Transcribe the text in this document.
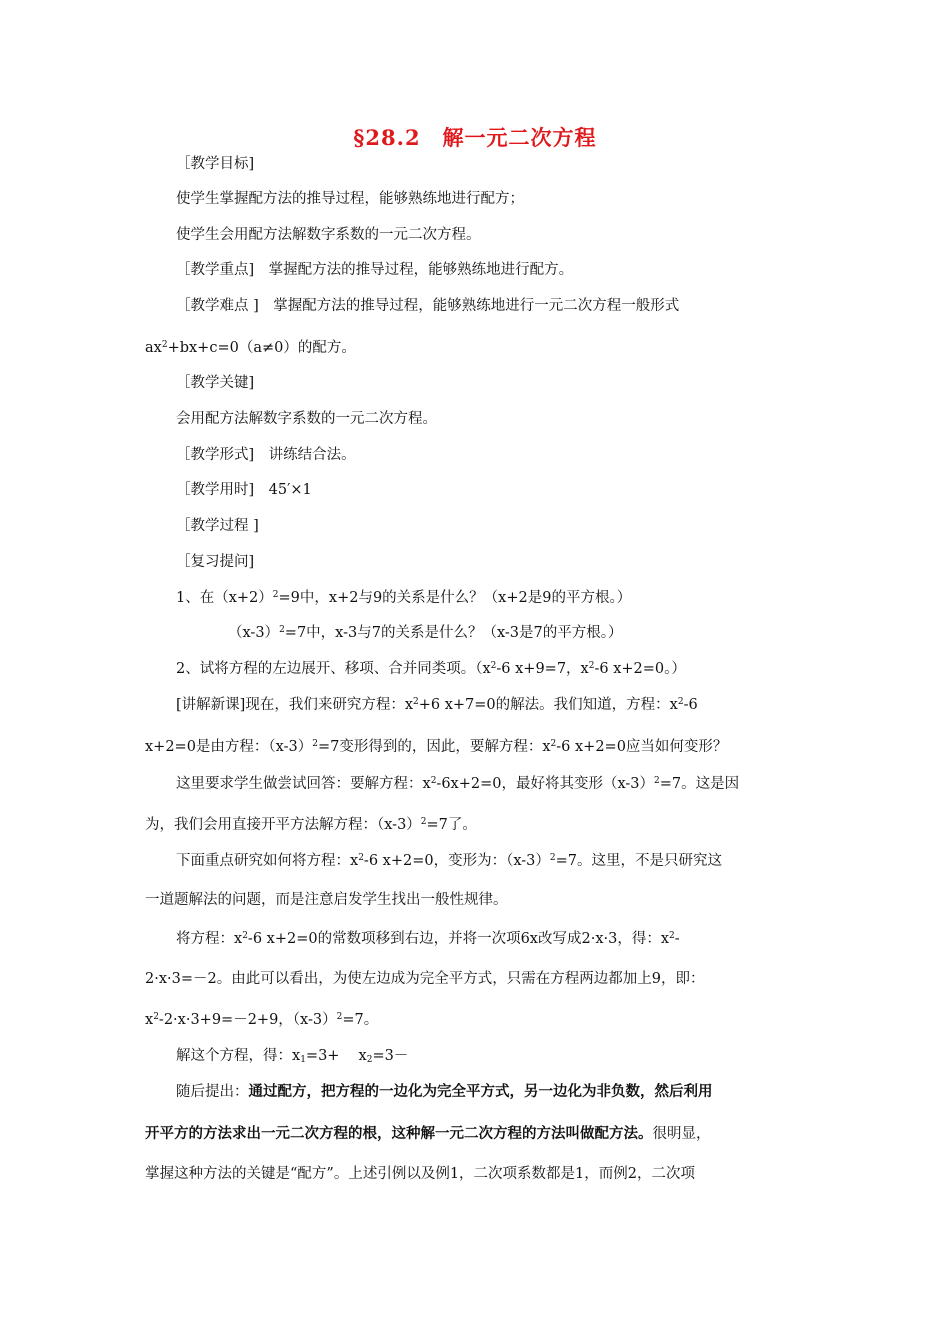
§28.2　解一元二次方程
［教学目标]
使学生掌握配方法的推导过程，能够熟练地进行配方；
使学生会用配方法解数字系数的一元二次方程。
［教学重点]　掌握配方法的推导过程，能够熟练地进行配方。
［教学难点 ]　掌握配方法的推导过程，能够熟练地进行一元二次方程一般形式
$ax^2+bx+c=0(a\ne 0)$的配方。
［教学关键]
会用配方法解数字系数的一元二次方程。
［教学形式]　讲练结合法。
［教学用时]　45′×1
［教学过程 ]
［复习提问]
1、在$(x+2)^2=9$中，x+2与9的关系是什么？（x+2是9的平方根。）
$(x-3)^2=7$中，x-3与7的关系是什么？（x-3是7的平方根。）
2、试将方程的左边展开、移项、合并同类项。（$x^2-6$ x+9=7，$x^2-6$ x+2=0。）
[讲解新课]现在，我们来研究方程：$x^2+6$ x+7=0的解法。我们知道，方程：$x^2-6$
x+2=0是由方程：$(x-3)^2=7$变形得到的，因此，要解方程：$x^2-6$ x+2=0应当如何变形？
这里要求学生做尝试回答：要解方程：$x^2-6x+2=0$，最好将其变形$(x-3)^2=7$。这是因
为，我们会用直接开平方法解方程：$(x-3)^2=7$了。
下面重点研究如何将方程：$x^2-6$ x+2=0，变形为：$(x-3)^2=7$。这里，不是只研究这
一道题解法的问题，而是注意启发学生找出一般性规律。
将方程：$x^2-6$ x+2=0的常数项移到右边，并将一次项6x改写成2·x·3，得：$x^2-$
2·x·3=－2。由此可以看出，为使左边成为完全平方式，只需在方程两边都加上9，即：
$x^2-2\cdot x\cdot 3+9=-2+9$，$(x-3)^2=7$。
解这个方程，得：$x_1=3+$　 $x_2=3-$
随后提出：通过配方，把方程的一边化为完全平方式，另一边化为非负数，然后利用
开平方的方法求出一元二次方程的根，这种解一元二次方程的方法叫做配方法。很明显，
掌握这种方法的关键是“配方”。上述引例以及例1，二次项系数都是1，而例2，二次项
